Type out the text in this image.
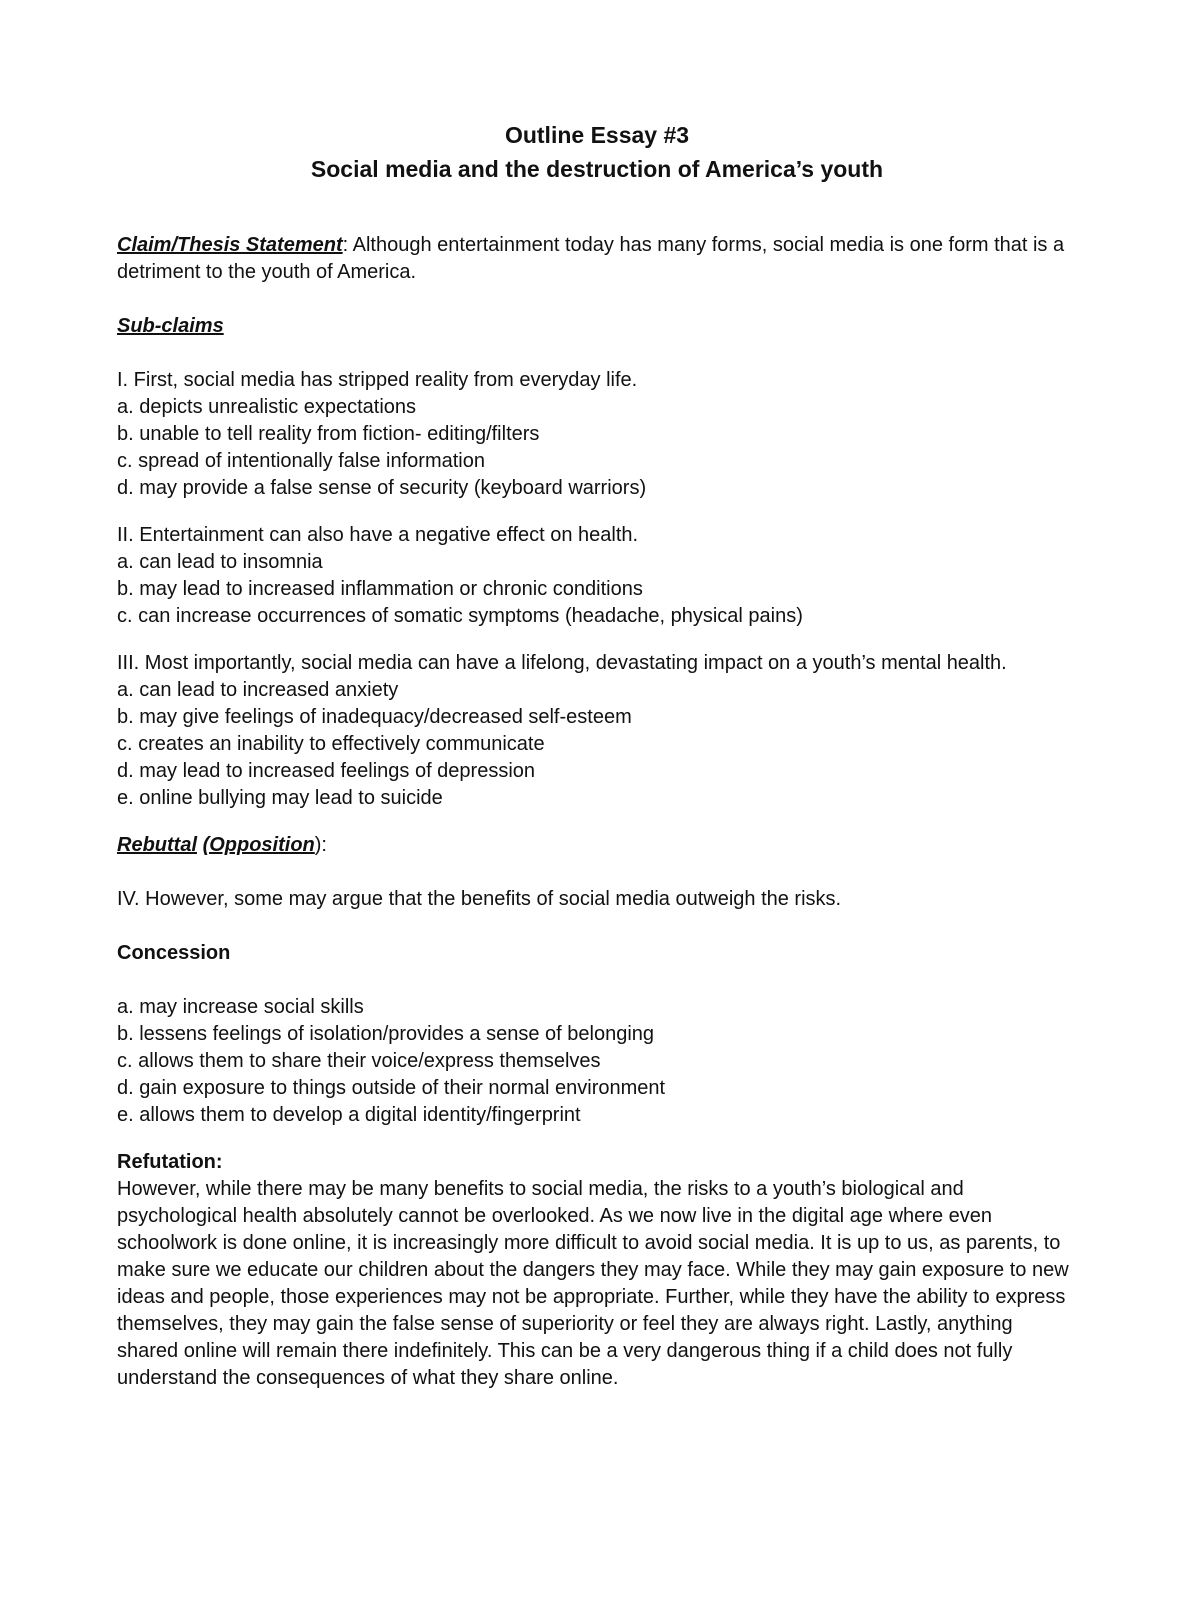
Outline Essay #3

Social media and the destruction of America’s youth

Claim/Thesis Statement: Although entertainment today has many forms, social media is one form that is a detriment to the youth of America.

Sub-claims

I. First, social media has stripped reality from everyday life.

a. depicts unrealistic expectations
b. unable to tell reality from fiction- editing/filters
c. spread of intentionally false information
d. may provide a false sense of security (keyboard warriors)

II. Entertainment can also have a negative effect on health.

a. can lead to insomnia
b. may lead to increased inflammation or chronic conditions
c. can increase occurrences of somatic symptoms (headache, physical pains)

III. Most importantly, social media can have a lifelong, devastating impact on a youth’s mental health.

a. can lead to increased anxiety
b. may give feelings of inadequacy/decreased self-esteem
c. creates an inability to effectively communicate
d. may lead to increased feelings of depression
e. online bullying may lead to suicide

Rebuttal (Opposition):

IV. However, some may argue that the benefits of social media outweigh the risks.

Concession

a. may increase social skills
b. lessens feelings of isolation/provides a sense of belonging
c. allows them to share their voice/express themselves
d. gain exposure to things outside of their normal environment
e. allows them to develop a digital identity/fingerprint

Refutation:

However, while there may be many benefits to social media, the risks to a youth’s biological and psychological health absolutely cannot be overlooked. As we now live in the digital age where even schoolwork is done online, it is increasingly more difficult to avoid social media. It is up to us, as parents, to make sure we educate our children about the dangers they may face. While they may gain exposure to new ideas and people, those experiences may not be appropriate. Further, while they have the ability to express themselves, they may gain the false sense of superiority or feel they are always right. Lastly, anything shared online will remain there indefinitely. This can be a very dangerous thing if a child does not fully understand the consequences of what they share online.
